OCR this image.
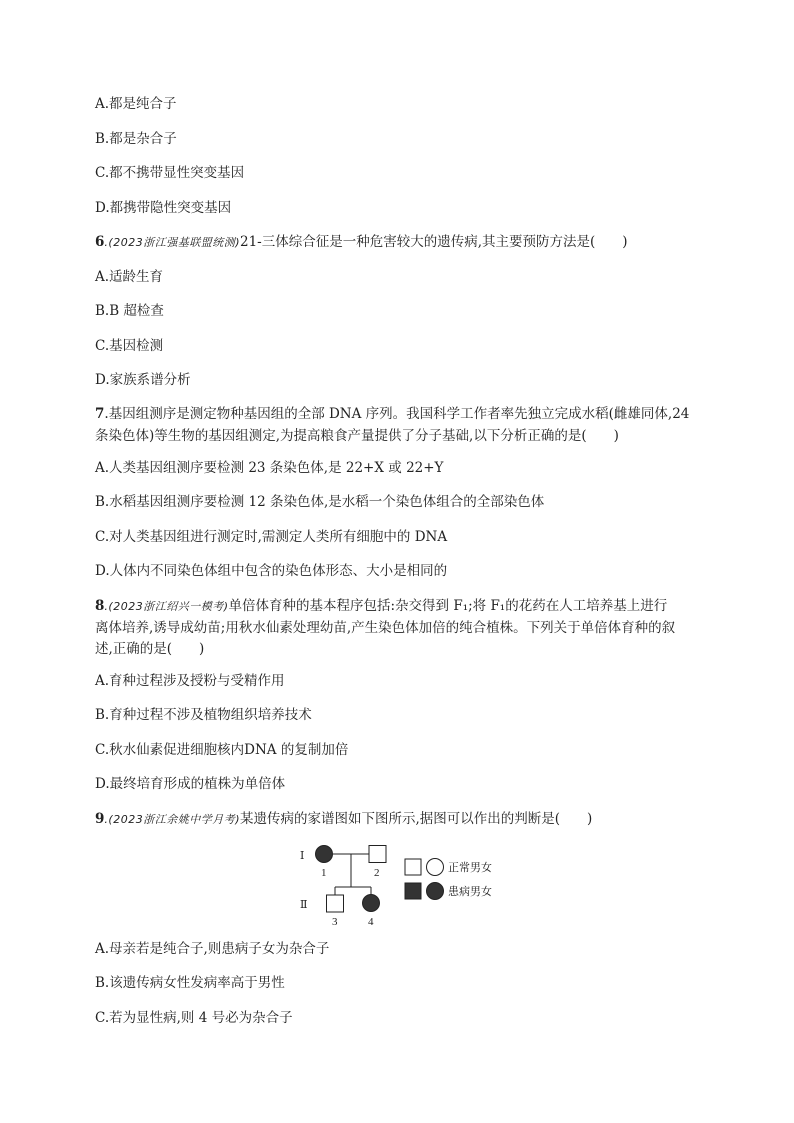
A.都是纯合子
B.都是杂合子
C.都不携带显性突变基因
D.都携带隐性突变基因
6.(2023浙江强基联盟统测)21-三体综合征是一种危害较大的遗传病,其主要预防方法是(　　)
A.适龄生育
B.B 超检查
C.基因检测
D.家族系谱分析
7.基因组测序是测定物种基因组的全部 DNA 序列。我国科学工作者率先独立完成水稻(雌雄同体,24
条染色体)等生物的基因组测定,为提高粮食产量提供了分子基础,以下分析正确的是(　　)
A.人类基因组测序要检测 23 条染色体,是 22+X 或 22+Y
B.水稻基因组测序要检测 12 条染色体,是水稻一个染色体组合的全部染色体
C.对人类基因组进行测定时,需测定人类所有细胞中的 DNA
D.人体内不同染色体组中包含的染色体形态、大小是相同的
8.(2023浙江绍兴一模考)单倍体育种的基本程序包括:杂交得到 F₁;将 F₁的花药在人工培养基上进行
离体培养,诱导成幼苗;用秋水仙素处理幼苗,产生染色体加倍的纯合植株。下列关于单倍体育种的叙
述,正确的是(　　)
A.育种过程涉及授粉与受精作用
B.育种过程不涉及植物组织培养技术
C.秋水仙素促进细胞核内DNA 的复制加倍
D.最终培育形成的植株为单倍体
9.(2023浙江余姚中学月考)某遗传病的家谱图如下图所示,据图可以作出的判断是(　　)
Ⅰ
Ⅱ
1	2
3	4
正常男女
患病男女
A.母亲若是纯合子,则患病子女为杂合子
B.该遗传病女性发病率高于男性
C.若为显性病,则 4 号必为杂合子
